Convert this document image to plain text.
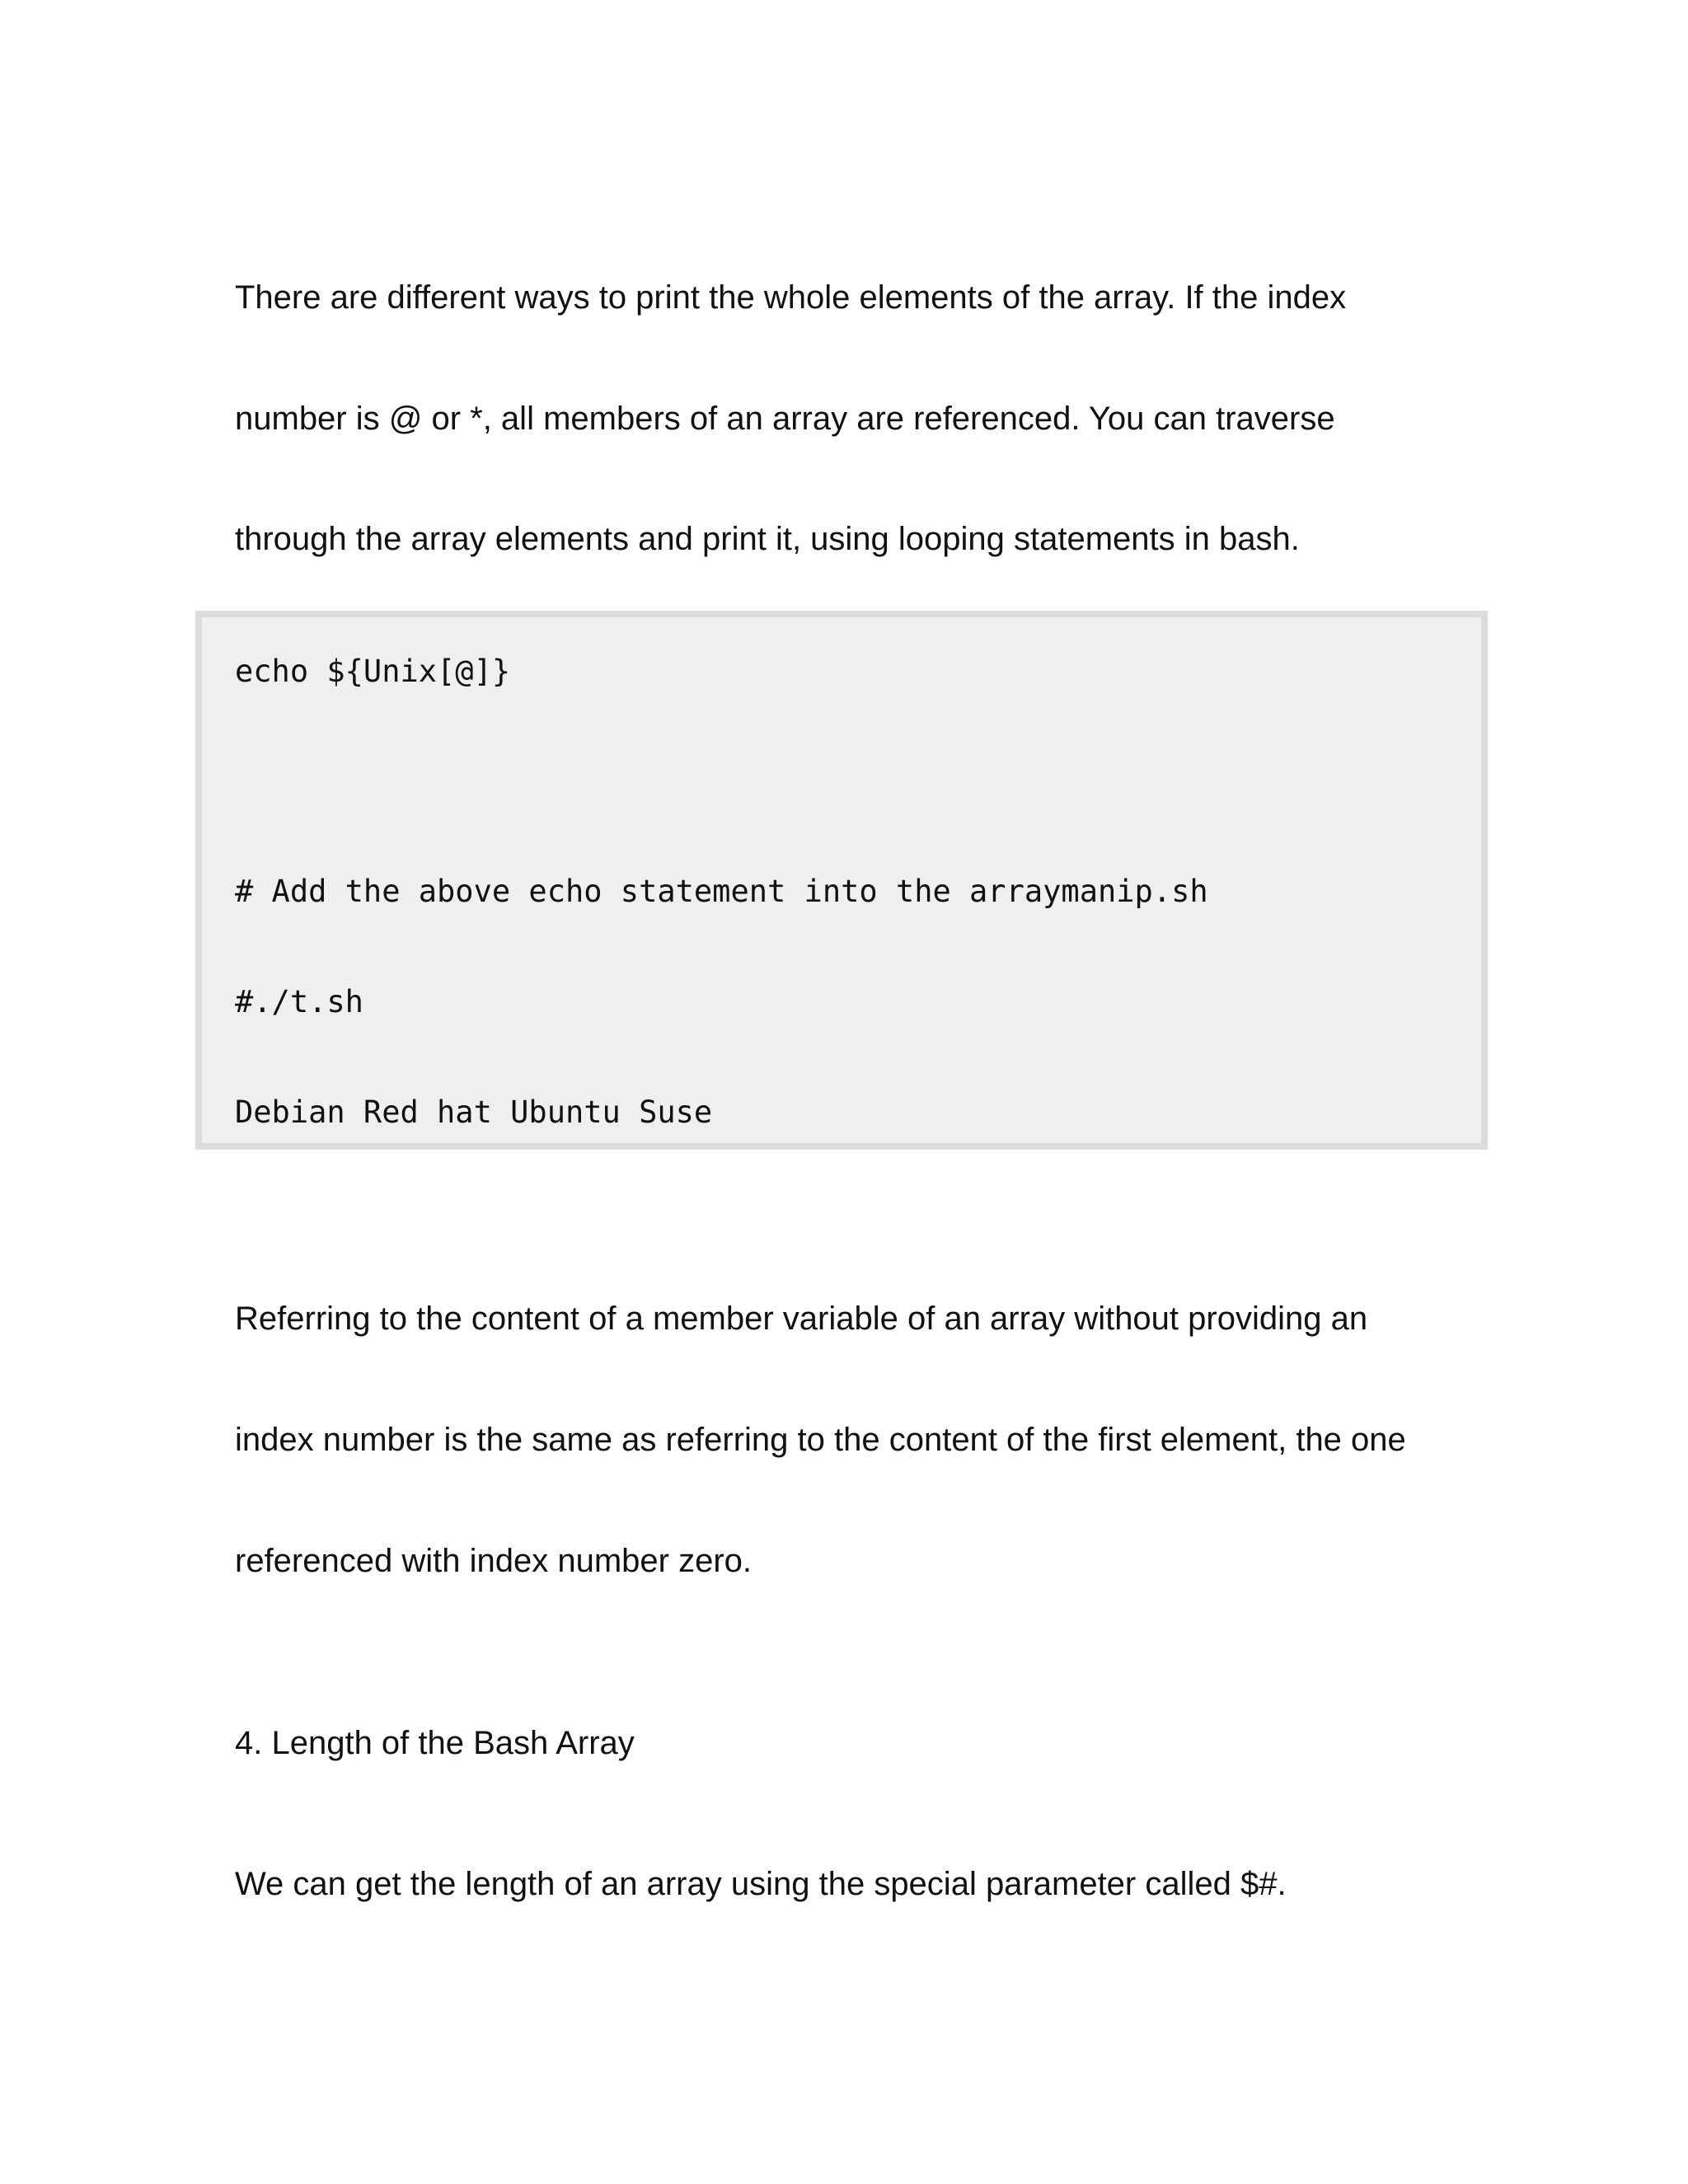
There are different ways to print the whole elements of the array. If the index

number is @ or *, all members of an array are referenced. You can traverse

through the array elements and print it, using looping statements in bash.

echo ${Unix[@]}

# Add the above echo statement into the arraymanip.sh

#./t.sh

Debian Red hat Ubuntu Suse

Referring to the content of a member variable of an array without providing an

index number is the same as referring to the content of the first element, the one

referenced with index number zero.

4. Length of the Bash Array

We can get the length of an array using the special parameter called $#.
